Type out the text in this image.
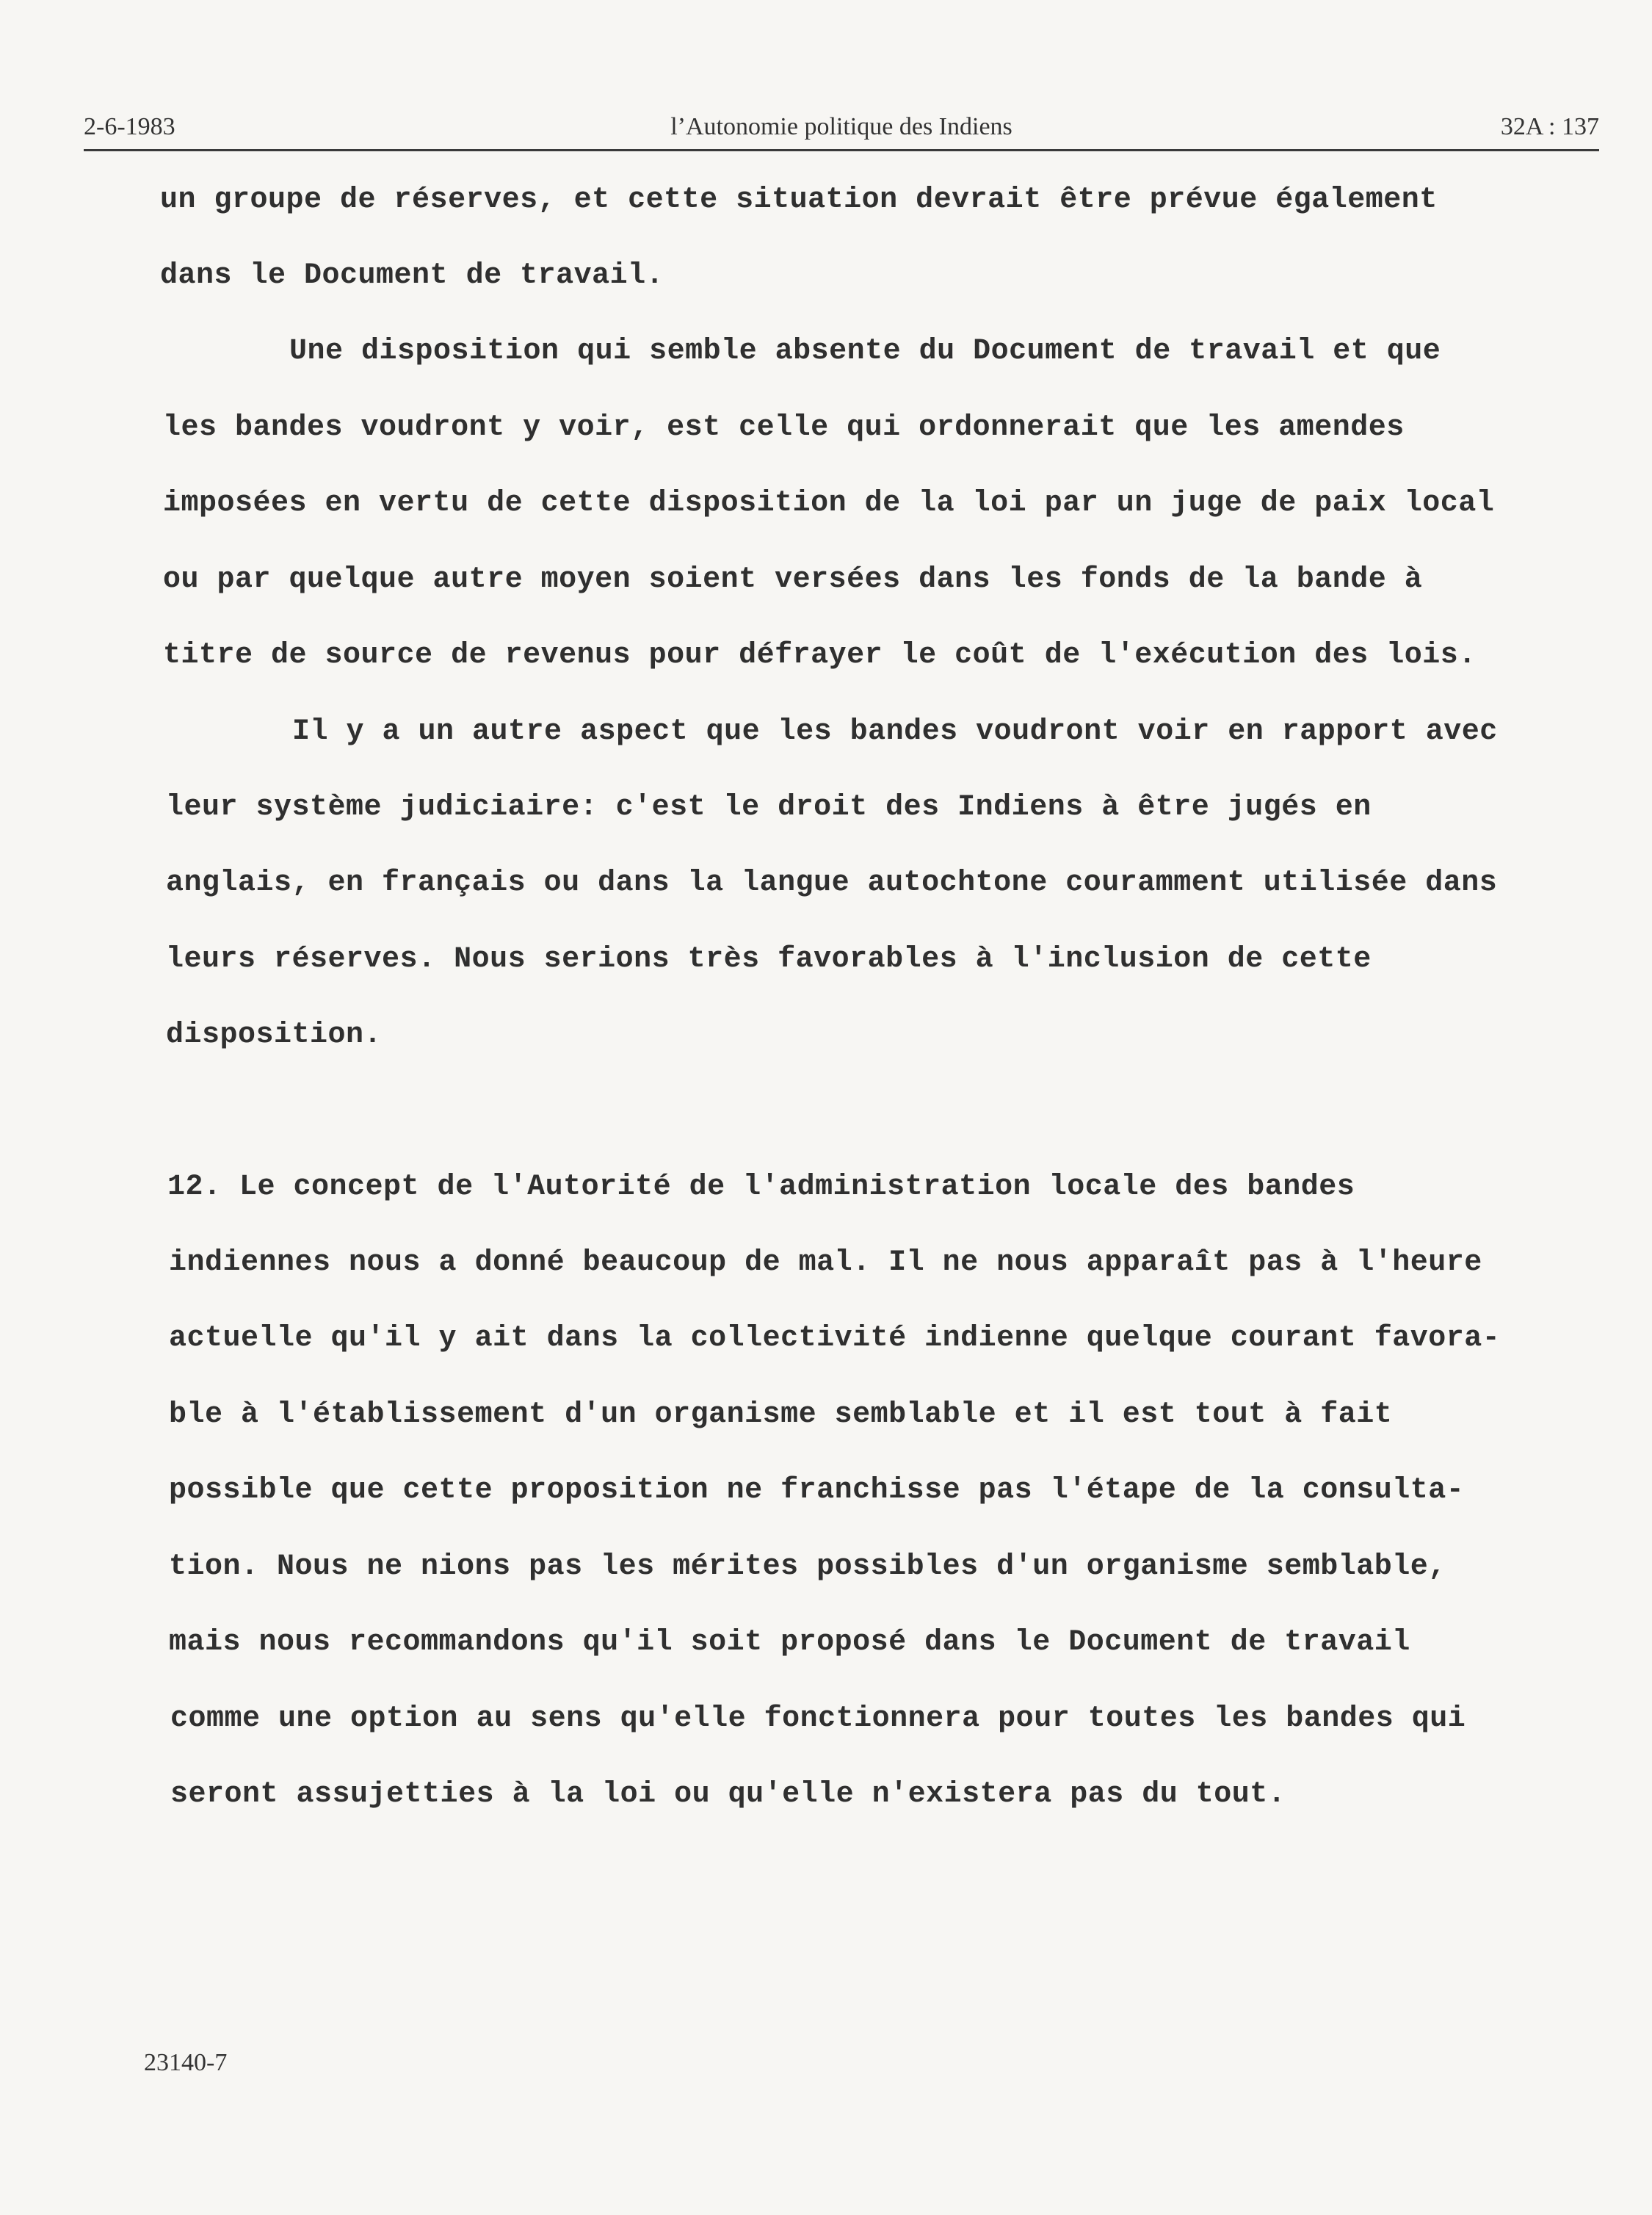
2-6-1983	l’Autonomie politique des Indiens	32A : 137
un groupe de réserves, et cette situation devrait être prévue également
dans le Document de travail.
Une disposition qui semble absente du Document de travail et que
les bandes voudront y voir, est celle qui ordonnerait que les amendes
imposées en vertu de cette disposition de la loi par un juge de paix local
ou par quelque autre moyen soient versées dans les fonds de la bande à
titre de source de revenus pour défrayer le coût de l'exécution des lois.
Il y a un autre aspect que les bandes voudront voir en rapport avec
leur système judiciaire: c'est le droit des Indiens à être jugés en
anglais, en français ou dans la langue autochtone couramment utilisée dans
leurs réserves. Nous serions très favorables à l'inclusion de cette
disposition.
12. Le concept de l'Autorité de l'administration locale des bandes
indiennes nous a donné beaucoup de mal. Il ne nous apparaît pas à l'heure
actuelle qu'il y ait dans la collectivité indienne quelque courant favora-
ble à l'établissement d'un organisme semblable et il est tout à fait
possible que cette proposition ne franchisse pas l'étape de la consulta-
tion. Nous ne nions pas les mérites possibles d'un organisme semblable,
mais nous recommandons qu'il soit proposé dans le Document de travail
comme une option au sens qu'elle fonctionnera pour toutes les bandes qui
seront assujetties à la loi ou qu'elle n'existera pas du tout.
23140-7
